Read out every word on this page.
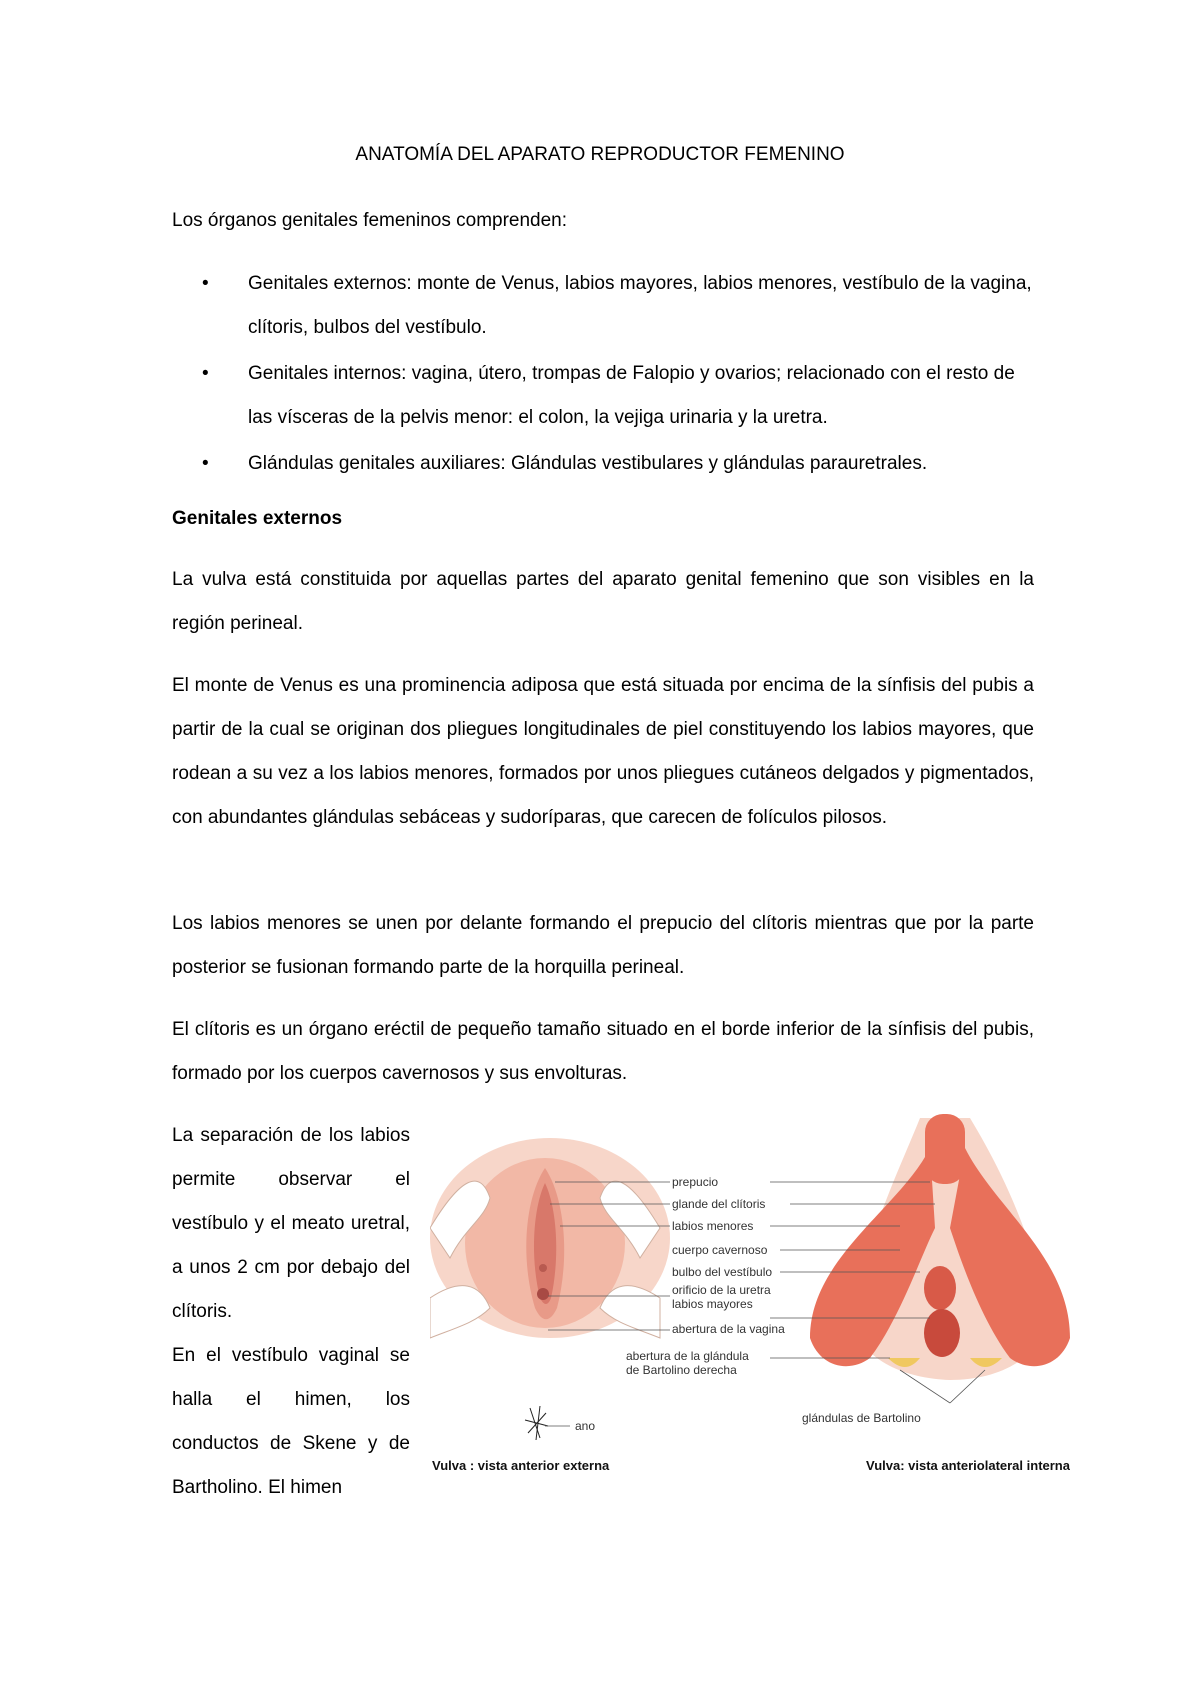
ANATOMÍA DEL APARATO REPRODUCTOR FEMENINO
Los órganos genitales femeninos comprenden:
• Genitales externos: monte de Venus, labios mayores, labios menores, vestíbulo de la vagina, clítoris, bulbos del vestíbulo.
• Genitales internos: vagina, útero, trompas de Falopio y ovarios; relacionado con el resto de las vísceras de la pelvis menor: el colon, la vejiga urinaria y la uretra.
• Glándulas genitales auxiliares: Glándulas vestibulares y glándulas parauretrales.
Genitales externos

La vulva está constituida por aquellas partes del aparato genital femenino que son visibles en la región perineal.

El monte de Venus es una prominencia adiposa que está situada por encima de la sínfisis del pubis a partir de la cual se originan dos pliegues longitudinales de piel constituyendo los labios mayores, que rodean a su vez a los labios menores, formados por unos pliegues cutáneos delgados y pigmentados, con abundantes glándulas sebáceas y sudoríparas, que carecen de folículos pilosos.

Los labios menores se unen por delante formando el prepucio del clítoris mientras que por la parte posterior se fusionan formando parte de la horquilla perineal.

El clítoris es un órgano eréctil de pequeño tamaño situado en el borde inferior de la sínfisis del pubis, formado por los cuerpos cavernosos y sus envolturas.

La separación de los labios permite observar el vestíbulo y el meato uretral, a unos 2 cm por debajo del clítoris.

En el vestíbulo vaginal se halla el himen, los conductos de Skene y de Bartholino. El himen

prepucio
glande del clítoris
labios menores
cuerpo cavernoso
bulbo del vestíbulo
orificio de la uretra
labios mayores
abertura de la vagina
abertura de la glándula
de Bartolino derecha
ano
glándulas de Bartolino
Vulva : vista anterior externa	Vulva: vista anteriolateral interna
